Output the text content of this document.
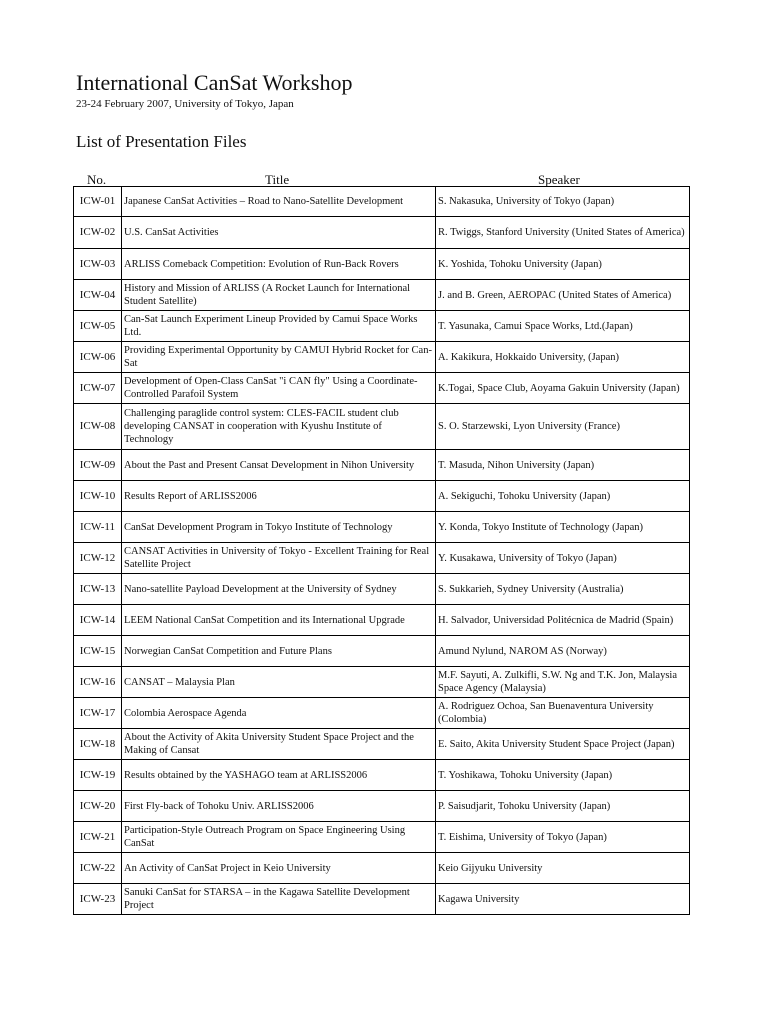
International CanSat Workshop
23-24 February 2007, University of Tokyo, Japan
List of Presentation Files
No.	Title	Speaker
ICW-01	Japanese CanSat Activities – Road to Nano-Satellite Development	S. Nakasuka, University of Tokyo (Japan)
ICW-02	U.S. CanSat Activities	R. Twiggs, Stanford University (United States of America)
ICW-03	ARLISS Comeback Competition: Evolution of Run-Back Rovers	K. Yoshida, Tohoku University (Japan)
ICW-04	History and Mission of ARLISS (A Rocket Launch for International Student Satellite)	J. and B. Green, AEROPAC (United States of America)
ICW-05	Can-Sat Launch Experiment Lineup Provided by Camui Space Works Ltd.	T. Yasunaka, Camui Space Works, Ltd.(Japan)
ICW-06	Providing Experimental Opportunity by CAMUI Hybrid Rocket for Can-Sat	A. Kakikura, Hokkaido University, (Japan)
ICW-07	Development of Open-Class CanSat "i CAN fly" Using a Coordinate-Controlled Parafoil System	K.Togai, Space Club, Aoyama Gakuin University (Japan)
ICW-08	Challenging paraglide control system: CLES-FACIL student club developing CANSAT in cooperation with Kyushu Institute of Technology	S. O. Starzewski, Lyon University (France)
ICW-09	About the Past and Present Cansat Development in Nihon University	T. Masuda, Nihon University (Japan)
ICW-10	Results Report of ARLISS2006	A. Sekiguchi, Tohoku University (Japan)
ICW-11	CanSat Development Program in Tokyo Institute of Technology	Y. Konda, Tokyo Institute of Technology (Japan)
ICW-12	CANSAT Activities in University of Tokyo - Excellent Training for Real Satellite Project	Y. Kusakawa, University of Tokyo (Japan)
ICW-13	Nano-satellite Payload Development at the University of Sydney	S. Sukkarieh, Sydney University (Australia)
ICW-14	LEEM National CanSat Competition and its International Upgrade	H. Salvador, Universidad Politécnica de Madrid (Spain)
ICW-15	Norwegian CanSat Competition and Future Plans	Amund Nylund, NAROM AS (Norway)
ICW-16	CANSAT – Malaysia Plan	M.F. Sayuti, A. Zulkifli, S.W. Ng and T.K. Jon, Malaysia Space Agency (Malaysia)
ICW-17	Colombia Aerospace Agenda	A. Rodriguez Ochoa, San Buenaventura University (Colombia)
ICW-18	About the Activity of Akita University Student Space Project and the Making of Cansat	E. Saito, Akita University Student Space Project (Japan)
ICW-19	Results obtained by the YASHAGO team at ARLISS2006	T. Yoshikawa, Tohoku University (Japan)
ICW-20	First Fly-back of Tohoku Univ. ARLISS2006	P. Saisudjarit, Tohoku University (Japan)
ICW-21	Participation-Style Outreach Program on Space Engineering Using CanSat	T. Eishima, University of Tokyo (Japan)
ICW-22	An Activity of CanSat Project in Keio University	Keio Gijyuku University
ICW-23	Sanuki CanSat for STARSA – in the Kagawa Satellite Development Project	Kagawa University
